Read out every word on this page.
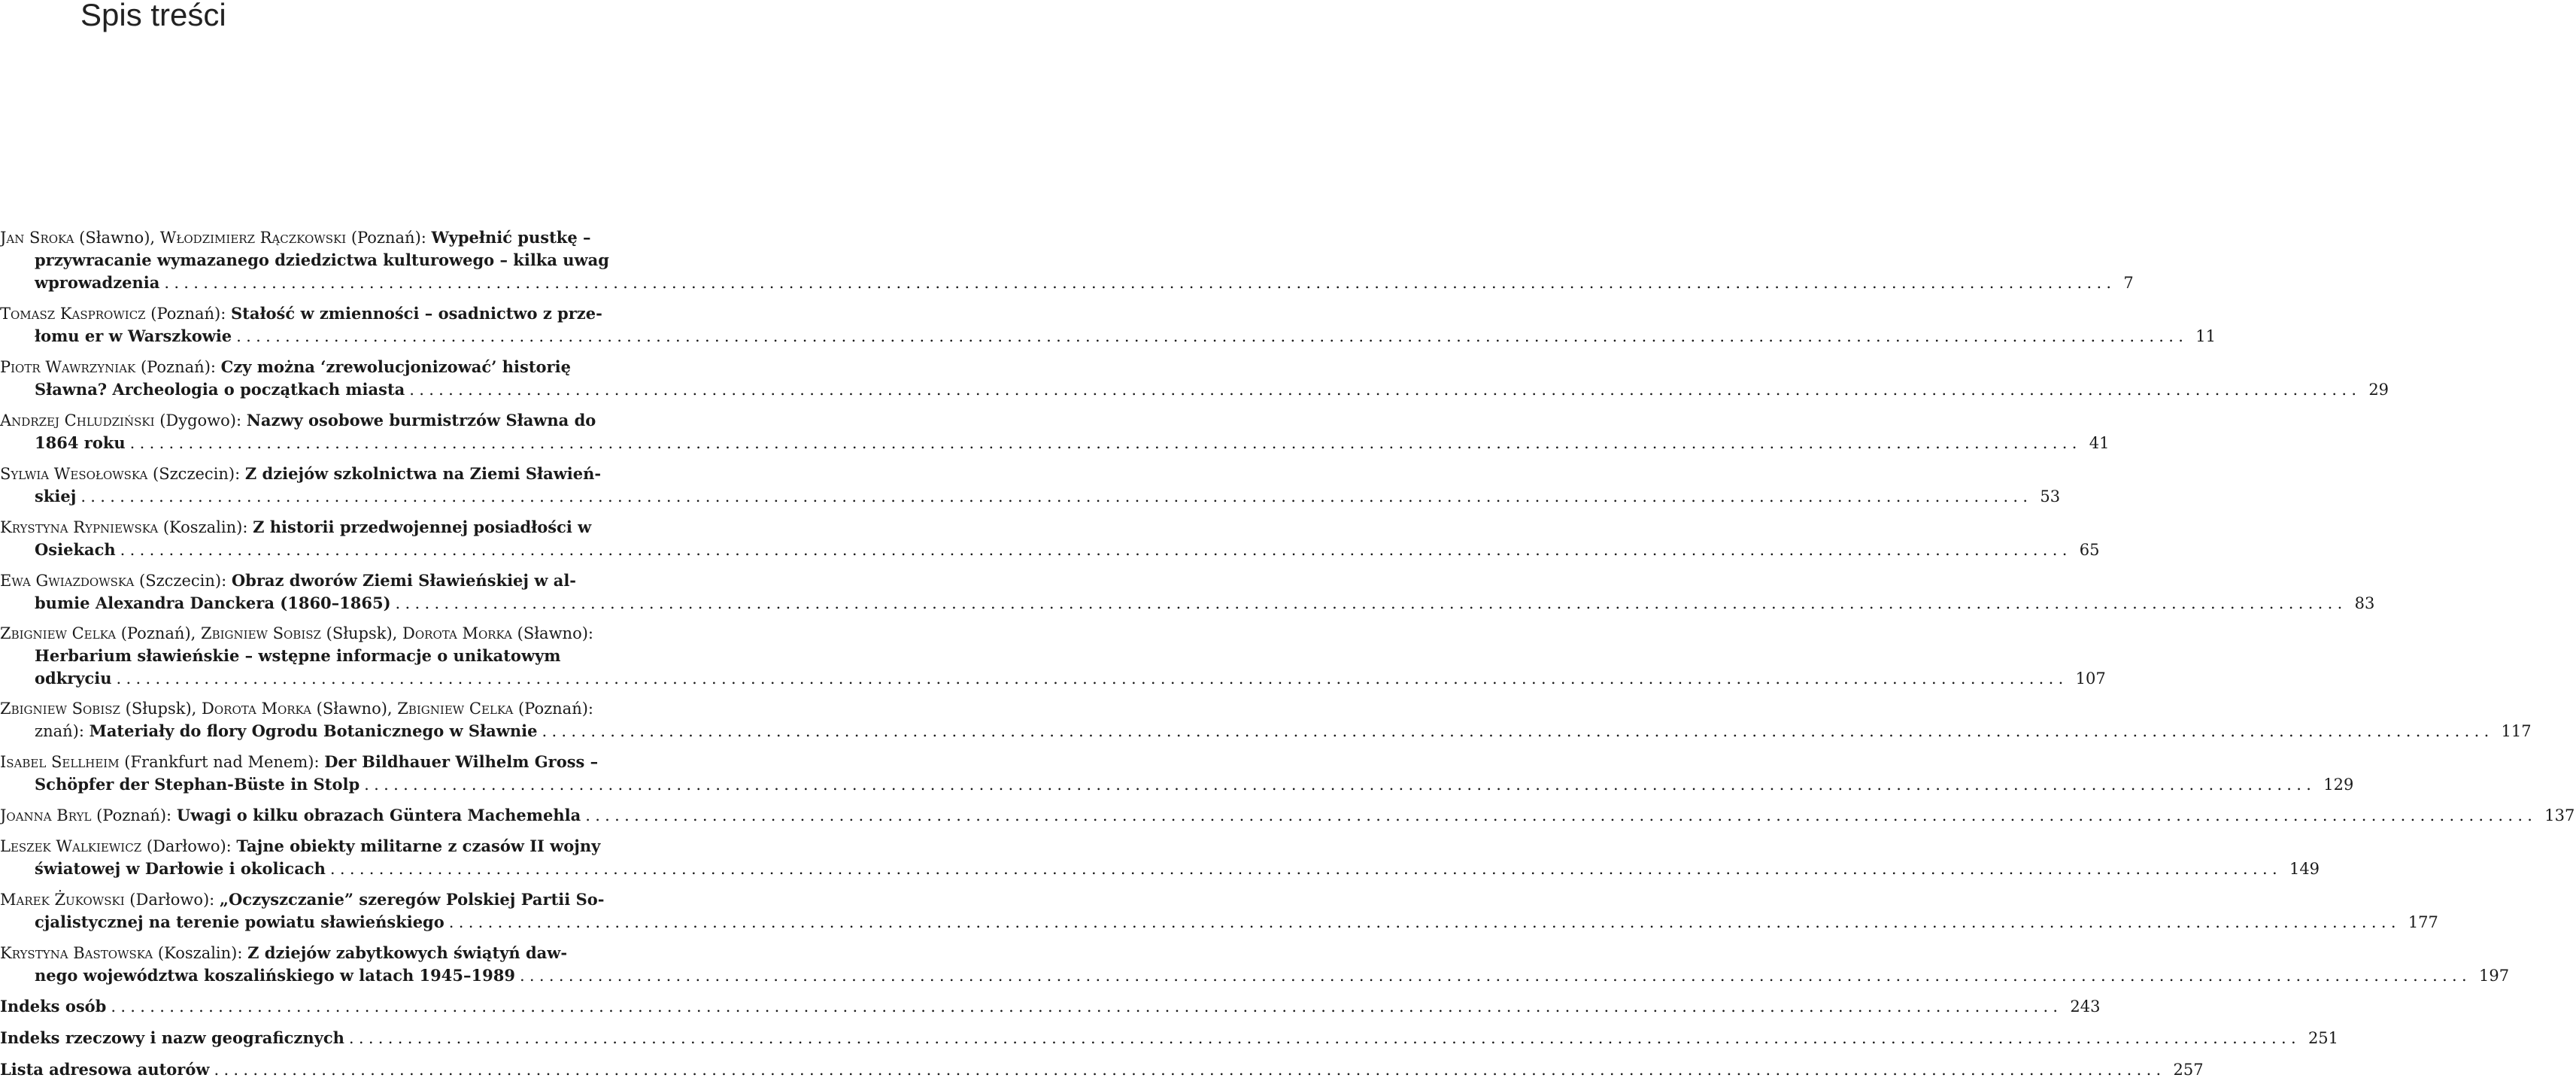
Spis treści
Jan Sroka (Sławno), Włodzimierz Rączkowski (Poznań): Wypełnić pustkę – przywracanie wymazanego dziedzictwa kulturowego – kilka uwag
wprowadzenia ........................................................................................................................................................................................................ 7
Tomasz Kasprowicz (Poznań): Stałość w zmienności – osadnictwo z prze-
łomu er w Warszkowie ........................................................................................................................................................................................................ 11
Piotr Wawrzyniak (Poznań): Czy można ‘zrewolucjonizować’ historię
Sławna? Archeologia o początkach miasta ........................................................................................................................................................................................................ 29
Andrzej Chludziński (Dygowo): Nazwy osobowe burmistrzów Sławna do
1864 roku ........................................................................................................................................................................................................ 41
Sylwia Wesołowska (Szczecin): Z dziejów szkolnictwa na Ziemi Sławień-
skiej ........................................................................................................................................................................................................ 53
Krystyna Rypniewska (Koszalin): Z historii przedwojennej posiadłości w
Osiekach ........................................................................................................................................................................................................ 65
Ewa Gwiazdowska (Szczecin): Obraz dworów Ziemi Sławieńskiej w al-
bumie Alexandra Danckera (1860–1865) ........................................................................................................................................................................................................ 83
Zbigniew Celka (Poznań), Zbigniew Sobisz (Słupsk), Dorota Morka (Sławno): Herbarium sławieńskie – wstępne informacje o unikatowym
odkryciu ........................................................................................................................................................................................................ 107
Zbigniew Sobisz (Słupsk), Dorota Morka (Sławno), Zbigniew Celka (Poznań):
znań): Materiały do flory Ogrodu Botanicznego w Sławnie ........................................................................................................................................................................................................ 117
Isabel Sellheim (Frankfurt nad Menem): Der Bildhauer Wilhelm Gross –
Schöpfer der Stephan-Büste in Stolp ........................................................................................................................................................................................................ 129
Joanna Bryl (Poznań): Uwagi o kilku obrazach Güntera Machemehla ........................................................................................................................................................................................................ 137
Leszek Walkiewicz (Darłowo): Tajne obiekty militarne z czasów II wojny
światowej w Darłowie i okolicach ........................................................................................................................................................................................................ 149
Marek Żukowski (Darłowo): „Oczyszczanie” szeregów Polskiej Partii So-
cjalistycznej na terenie powiatu sławieńskiego ........................................................................................................................................................................................................ 177
Krystyna Bastowska (Koszalin): Z dziejów zabytkowych świątyń daw-
nego województwa koszalińskiego w latach 1945–1989 ........................................................................................................................................................................................................ 197
Indeks osób ........................................................................................................................................................................................................ 243
Indeks rzeczowy i nazw geograficznych ........................................................................................................................................................................................................ 251
Lista adresowa autorów ........................................................................................................................................................................................................ 257
